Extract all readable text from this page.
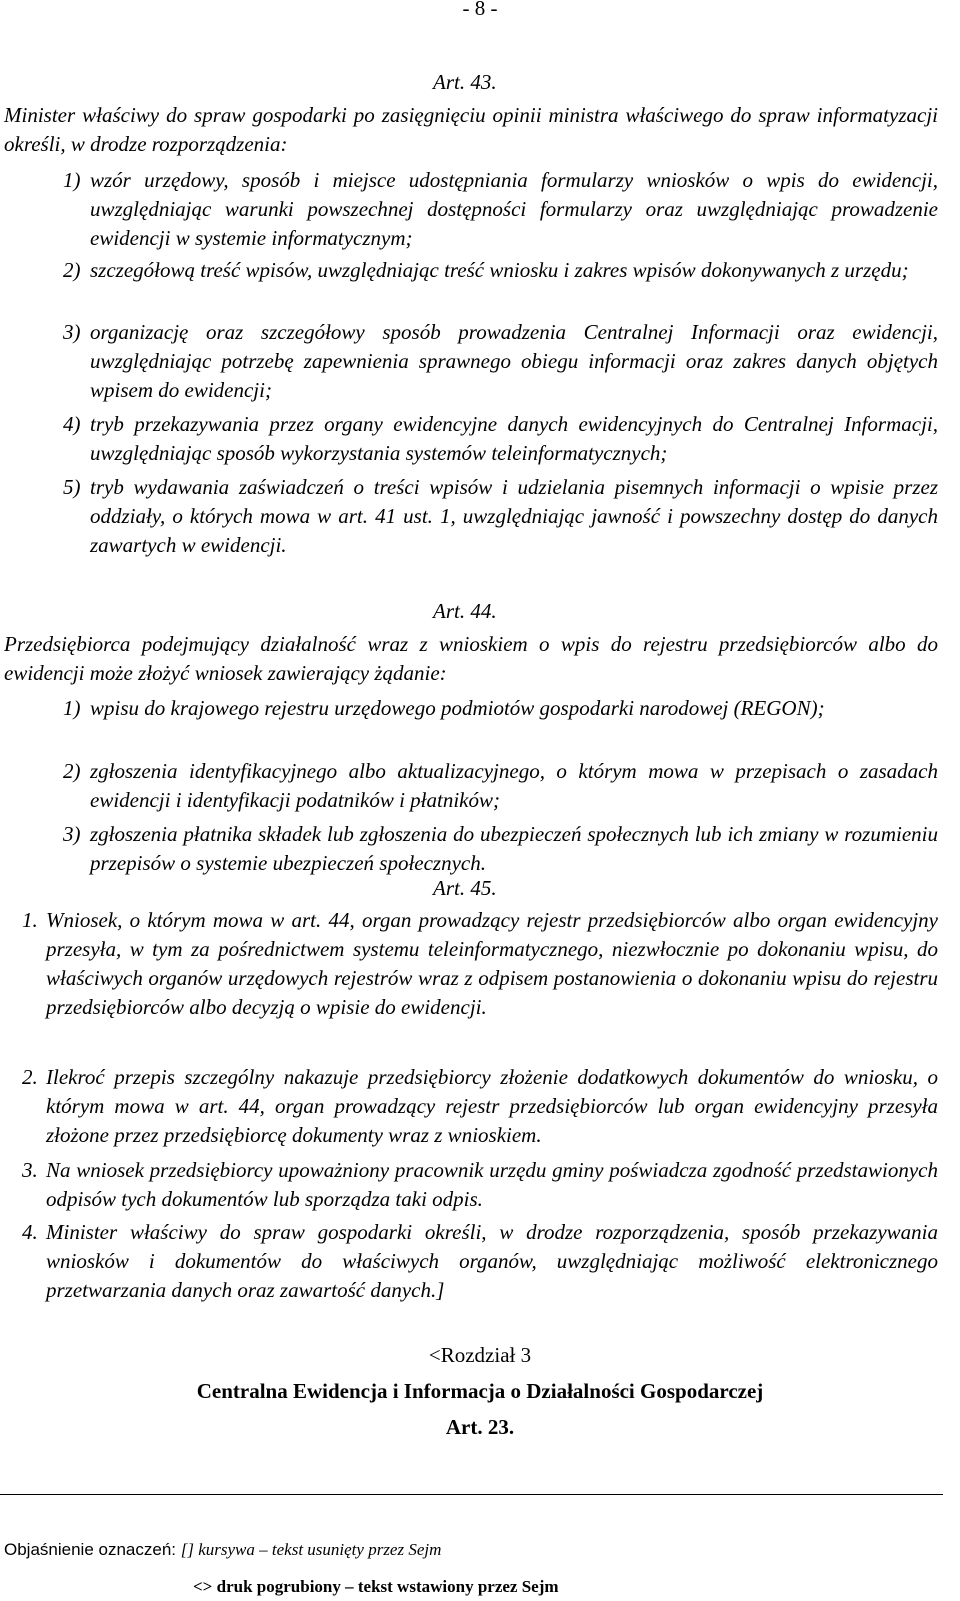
- 8 -
Art. 43.
Minister właściwy do spraw gospodarki po zasięgnięciu opinii ministra właściwego do spraw informatyzacji określi, w drodze rozporządzenia:
1) wzór urzędowy, sposób i miejsce udostępniania formularzy wniosków o wpis do ewidencji, uwzględniając warunki powszechnej dostępności formularzy oraz uwzględniając prowadzenie ewidencji w systemie informatycznym;
2) szczegółową treść wpisów, uwzględniając treść wniosku i zakres wpisów dokonywanych z urzędu;
3) organizację oraz szczegółowy sposób prowadzenia Centralnej Informacji oraz ewidencji, uwzględniając potrzebę zapewnienia sprawnego obiegu informacji oraz zakres danych objętych wpisem do ewidencji;
4) tryb przekazywania przez organy ewidencyjne danych ewidencyjnych do Centralnej Informacji, uwzględniając sposób wykorzystania systemów teleinformatycznych;
5) tryb wydawania zaświadczeń o treści wpisów i udzielania pisemnych informacji o wpisie przez oddziały, o których mowa w art. 41 ust. 1, uwzględniając jawność i powszechny dostęp do danych zawartych w ewidencji.
Art. 44.
Przedsiębiorca podejmujący działalność wraz z wnioskiem o wpis do rejestru przedsiębiorców albo do ewidencji może złożyć wniosek zawierający żądanie:
1) wpisu do krajowego rejestru urzędowego podmiotów gospodarki narodowej (REGON);
2) zgłoszenia identyfikacyjnego albo aktualizacyjnego, o którym mowa w przepisach o zasadach ewidencji i identyfikacji podatników i płatników;
3) zgłoszenia płatnika składek lub zgłoszenia do ubezpieczeń społecznych lub ich zmiany w rozumieniu przepisów o systemie ubezpieczeń społecznych.
Art. 45.
1. Wniosek, o którym mowa w art. 44, organ prowadzący rejestr przedsiębiorców albo organ ewidencyjny przesyła, w tym za pośrednictwem systemu teleinformatycznego, niezwłocznie po dokonaniu wpisu, do właściwych organów urzędowych rejestrów wraz z odpisem postanowienia o dokonaniu wpisu do rejestru przedsiębiorców albo decyzją o wpisie do ewidencji.
2. Ilekroć przepis szczególny nakazuje przedsiębiorcy złożenie dodatkowych dokumentów do wniosku, o którym mowa w art. 44, organ prowadzący rejestr przedsiębiorców lub organ ewidencyjny przesyła złożone przez przedsiębiorcę dokumenty wraz z wnioskiem.
3. Na wniosek przedsiębiorcy upoważniony pracownik urzędu gminy poświadcza zgodność przedstawionych odpisów tych dokumentów lub sporządza taki odpis.
4. Minister właściwy do spraw gospodarki określi, w drodze rozporządzenia, sposób przekazywania wniosków i dokumentów do właściwych organów, uwzględniając możliwość elektronicznego przetwarzania danych oraz zawartość danych.]
<Rozdział 3
Centralna Ewidencja i Informacja o Działalności Gospodarczej
Art. 23.
Objaśnienie oznaczeń: [] kursywa – tekst usunięty przez Sejm
<> druk pogrubiony – tekst wstawiony przez Sejm
